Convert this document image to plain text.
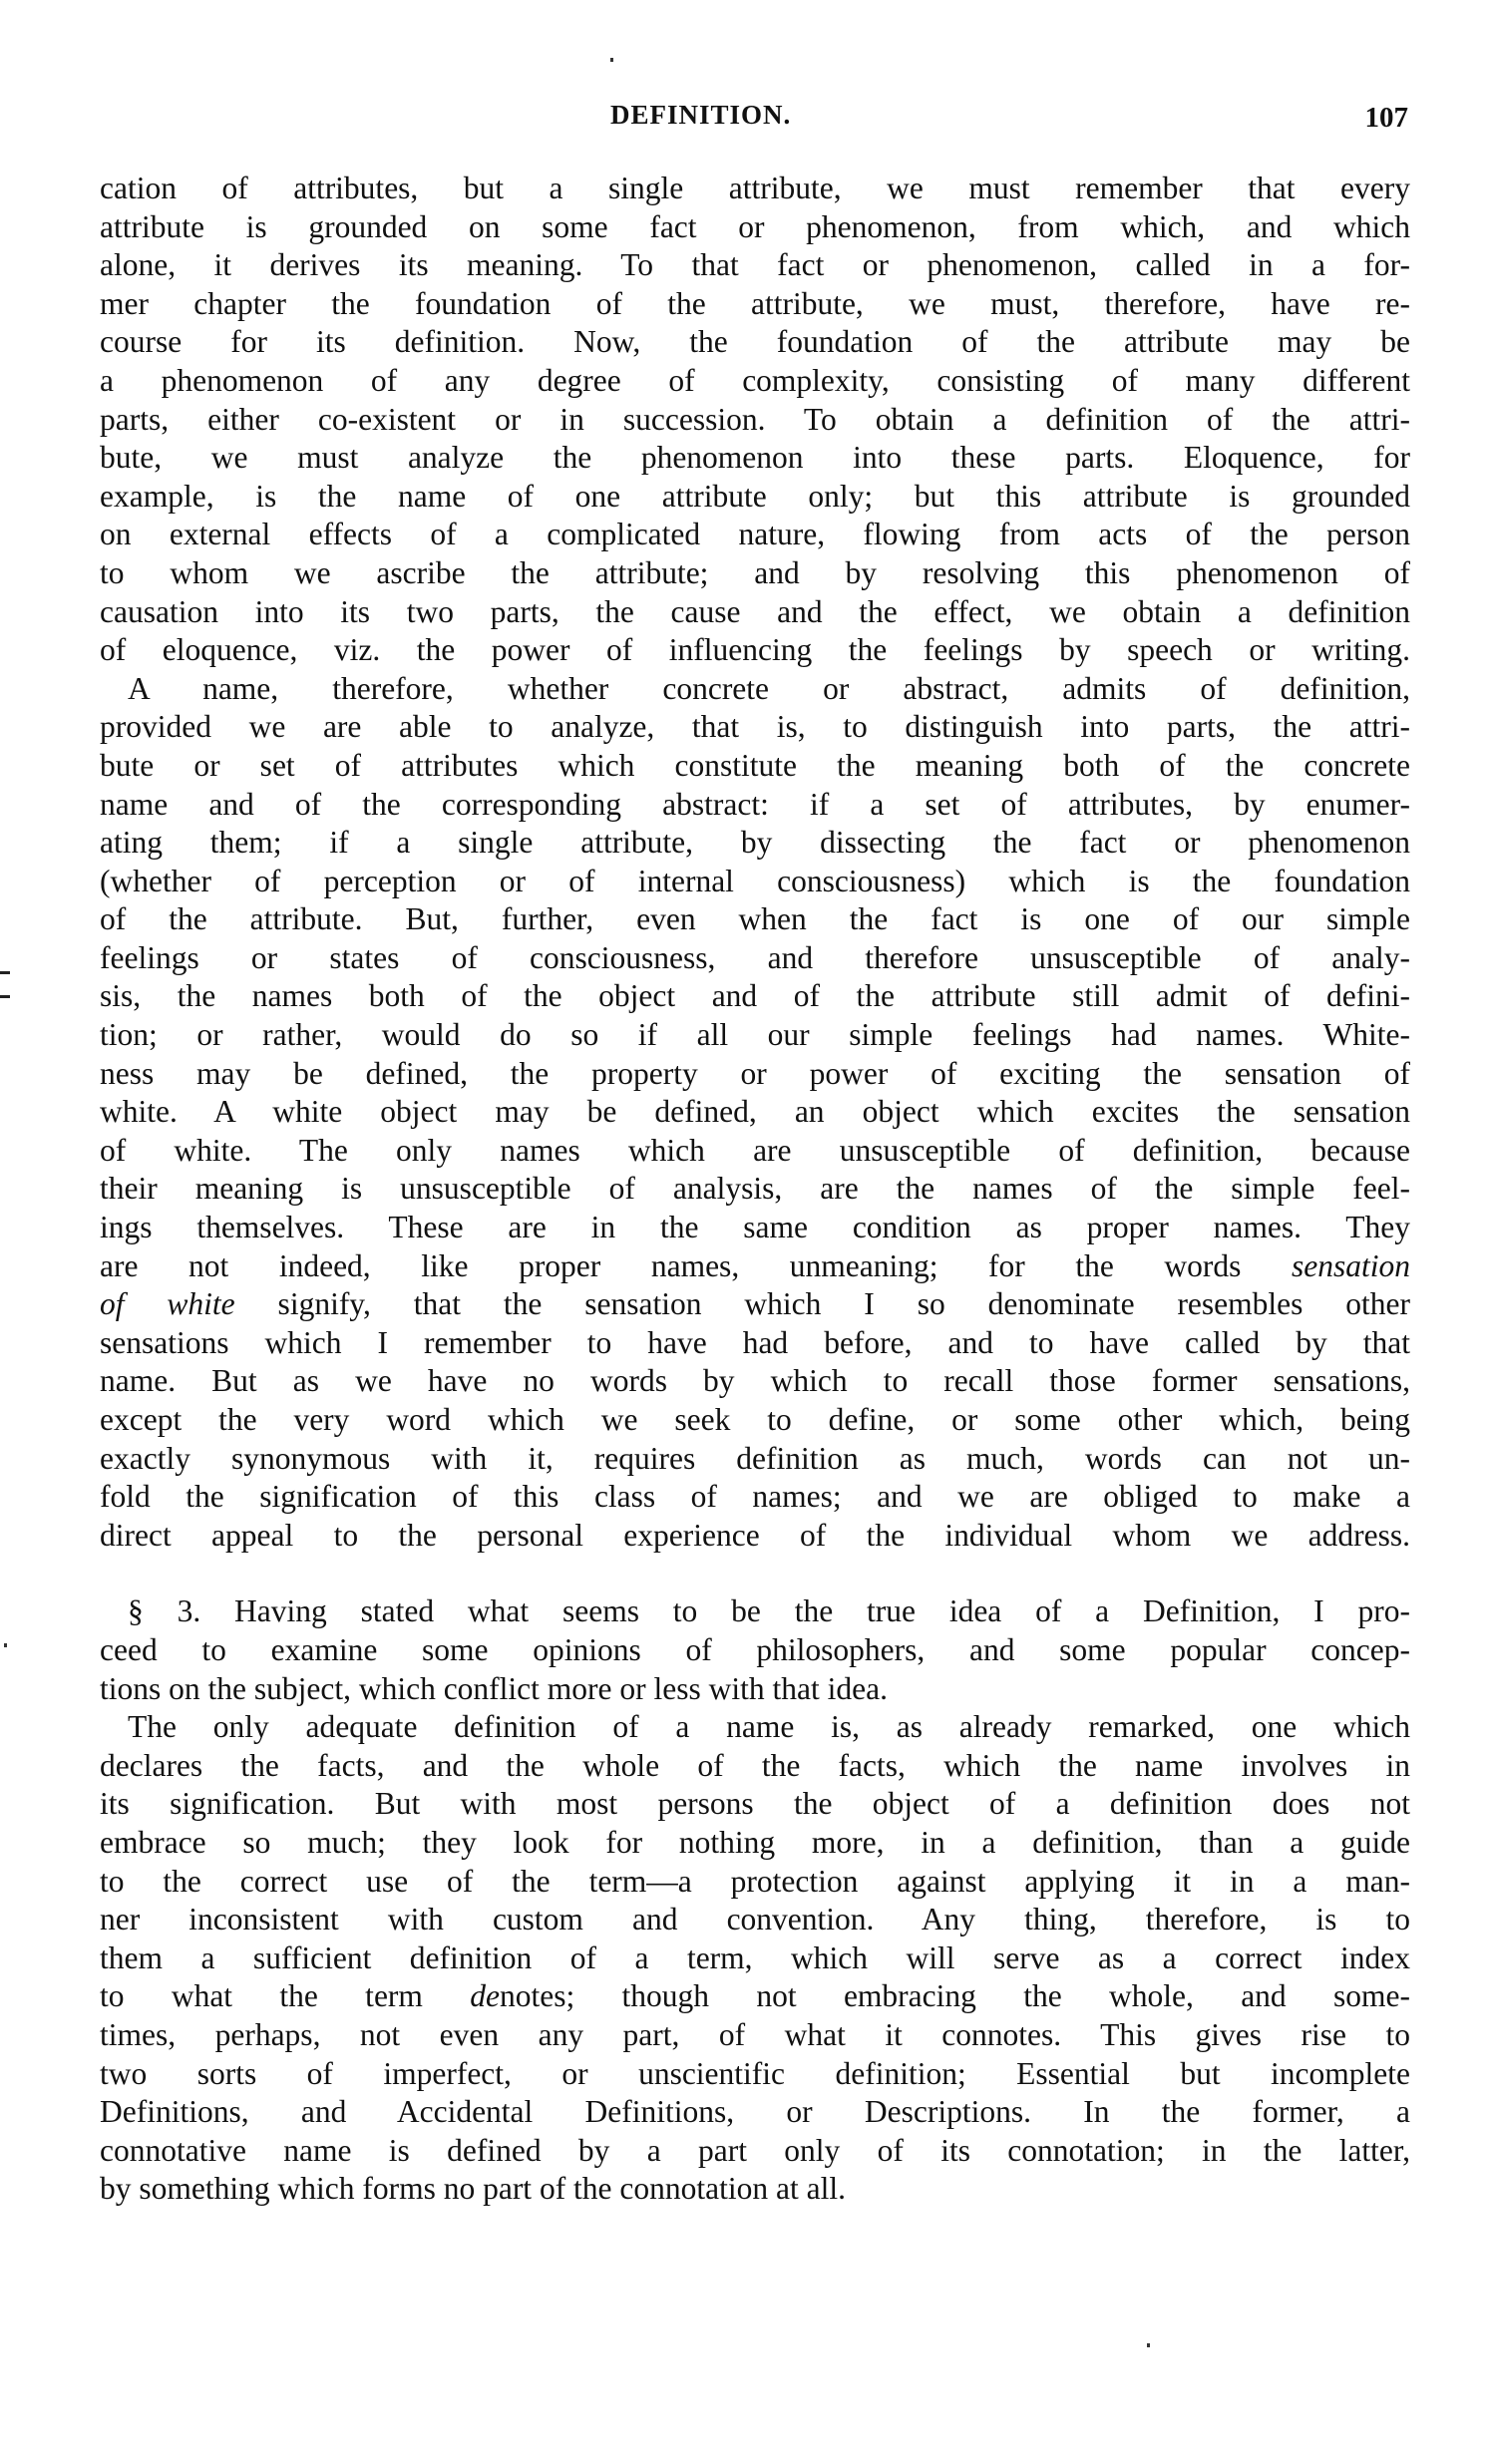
DEFINITION.	107
cation of attributes, but a single attribute, we must remember that every
attribute is grounded on some fact or phenomenon, from which, and which
alone, it derives its meaning. To that fact or phenomenon, called in a for-
mer chapter the foundation of the attribute, we must, therefore, have re-
course for its definition. Now, the foundation of the attribute may be
a phenomenon of any degree of complexity, consisting of many different
parts, either co-existent or in succession. To obtain a definition of the attri-
bute, we must analyze the phenomenon into these parts. Eloquence, for
example, is the name of one attribute only; but this attribute is grounded
on external effects of a complicated nature, flowing from acts of the person
to whom we ascribe the attribute; and by resolving this phenomenon of
causation into its two parts, the cause and the effect, we obtain a definition
of eloquence, viz. the power of influencing the feelings by speech or writing.
A name, therefore, whether concrete or abstract, admits of definition,
provided we are able to analyze, that is, to distinguish into parts, the attri-
bute or set of attributes which constitute the meaning both of the concrete
name and of the corresponding abstract: if a set of attributes, by enumer-
ating them; if a single attribute, by dissecting the fact or phenomenon
(whether of perception or of internal consciousness) which is the foundation
of the attribute. But, further, even when the fact is one of our simple
feelings or states of consciousness, and therefore unsusceptible of analy-
sis, the names both of the object and of the attribute still admit of defini-
tion; or rather, would do so if all our simple feelings had names. White-
ness may be defined, the property or power of exciting the sensation of
white. A white object may be defined, an object which excites the sensation
of white. The only names which are unsusceptible of definition, because
their meaning is unsusceptible of analysis, are the names of the simple feel-
ings themselves. These are in the same condition as proper names. They
are not indeed, like proper names, unmeaning; for the words sensation
of white signify, that the sensation which I so denominate resembles other
sensations which I remember to have had before, and to have called by that
name. But as we have no words by which to recall those former sensations,
except the very word which we seek to define, or some other which, being
exactly synonymous with it, requires definition as much, words can not un-
fold the signification of this class of names; and we are obliged to make a
direct appeal to the personal experience of the individual whom we address.
§ 3. Having stated what seems to be the true idea of a Definition, I pro-
ceed to examine some opinions of philosophers, and some popular concep-
tions on the subject, which conflict more or less with that idea.
The only adequate definition of a name is, as already remarked, one which
declares the facts, and the whole of the facts, which the name involves in
its signification. But with most persons the object of a definition does not
embrace so much; they look for nothing more, in a definition, than a guide
to the correct use of the term—a protection against applying it in a man-
ner inconsistent with custom and convention. Any thing, therefore, is to
them a sufficient definition of a term, which will serve as a correct index
to what the term denotes; though not embracing the whole, and some-
times, perhaps, not even any part, of what it connotes. This gives rise to
two sorts of imperfect, or unscientific definition; Essential but incomplete
Definitions, and Accidental Definitions, or Descriptions. In the former, a
connotative name is defined by a part only of its connotation; in the latter,
by something which forms no part of the connotation at all.
